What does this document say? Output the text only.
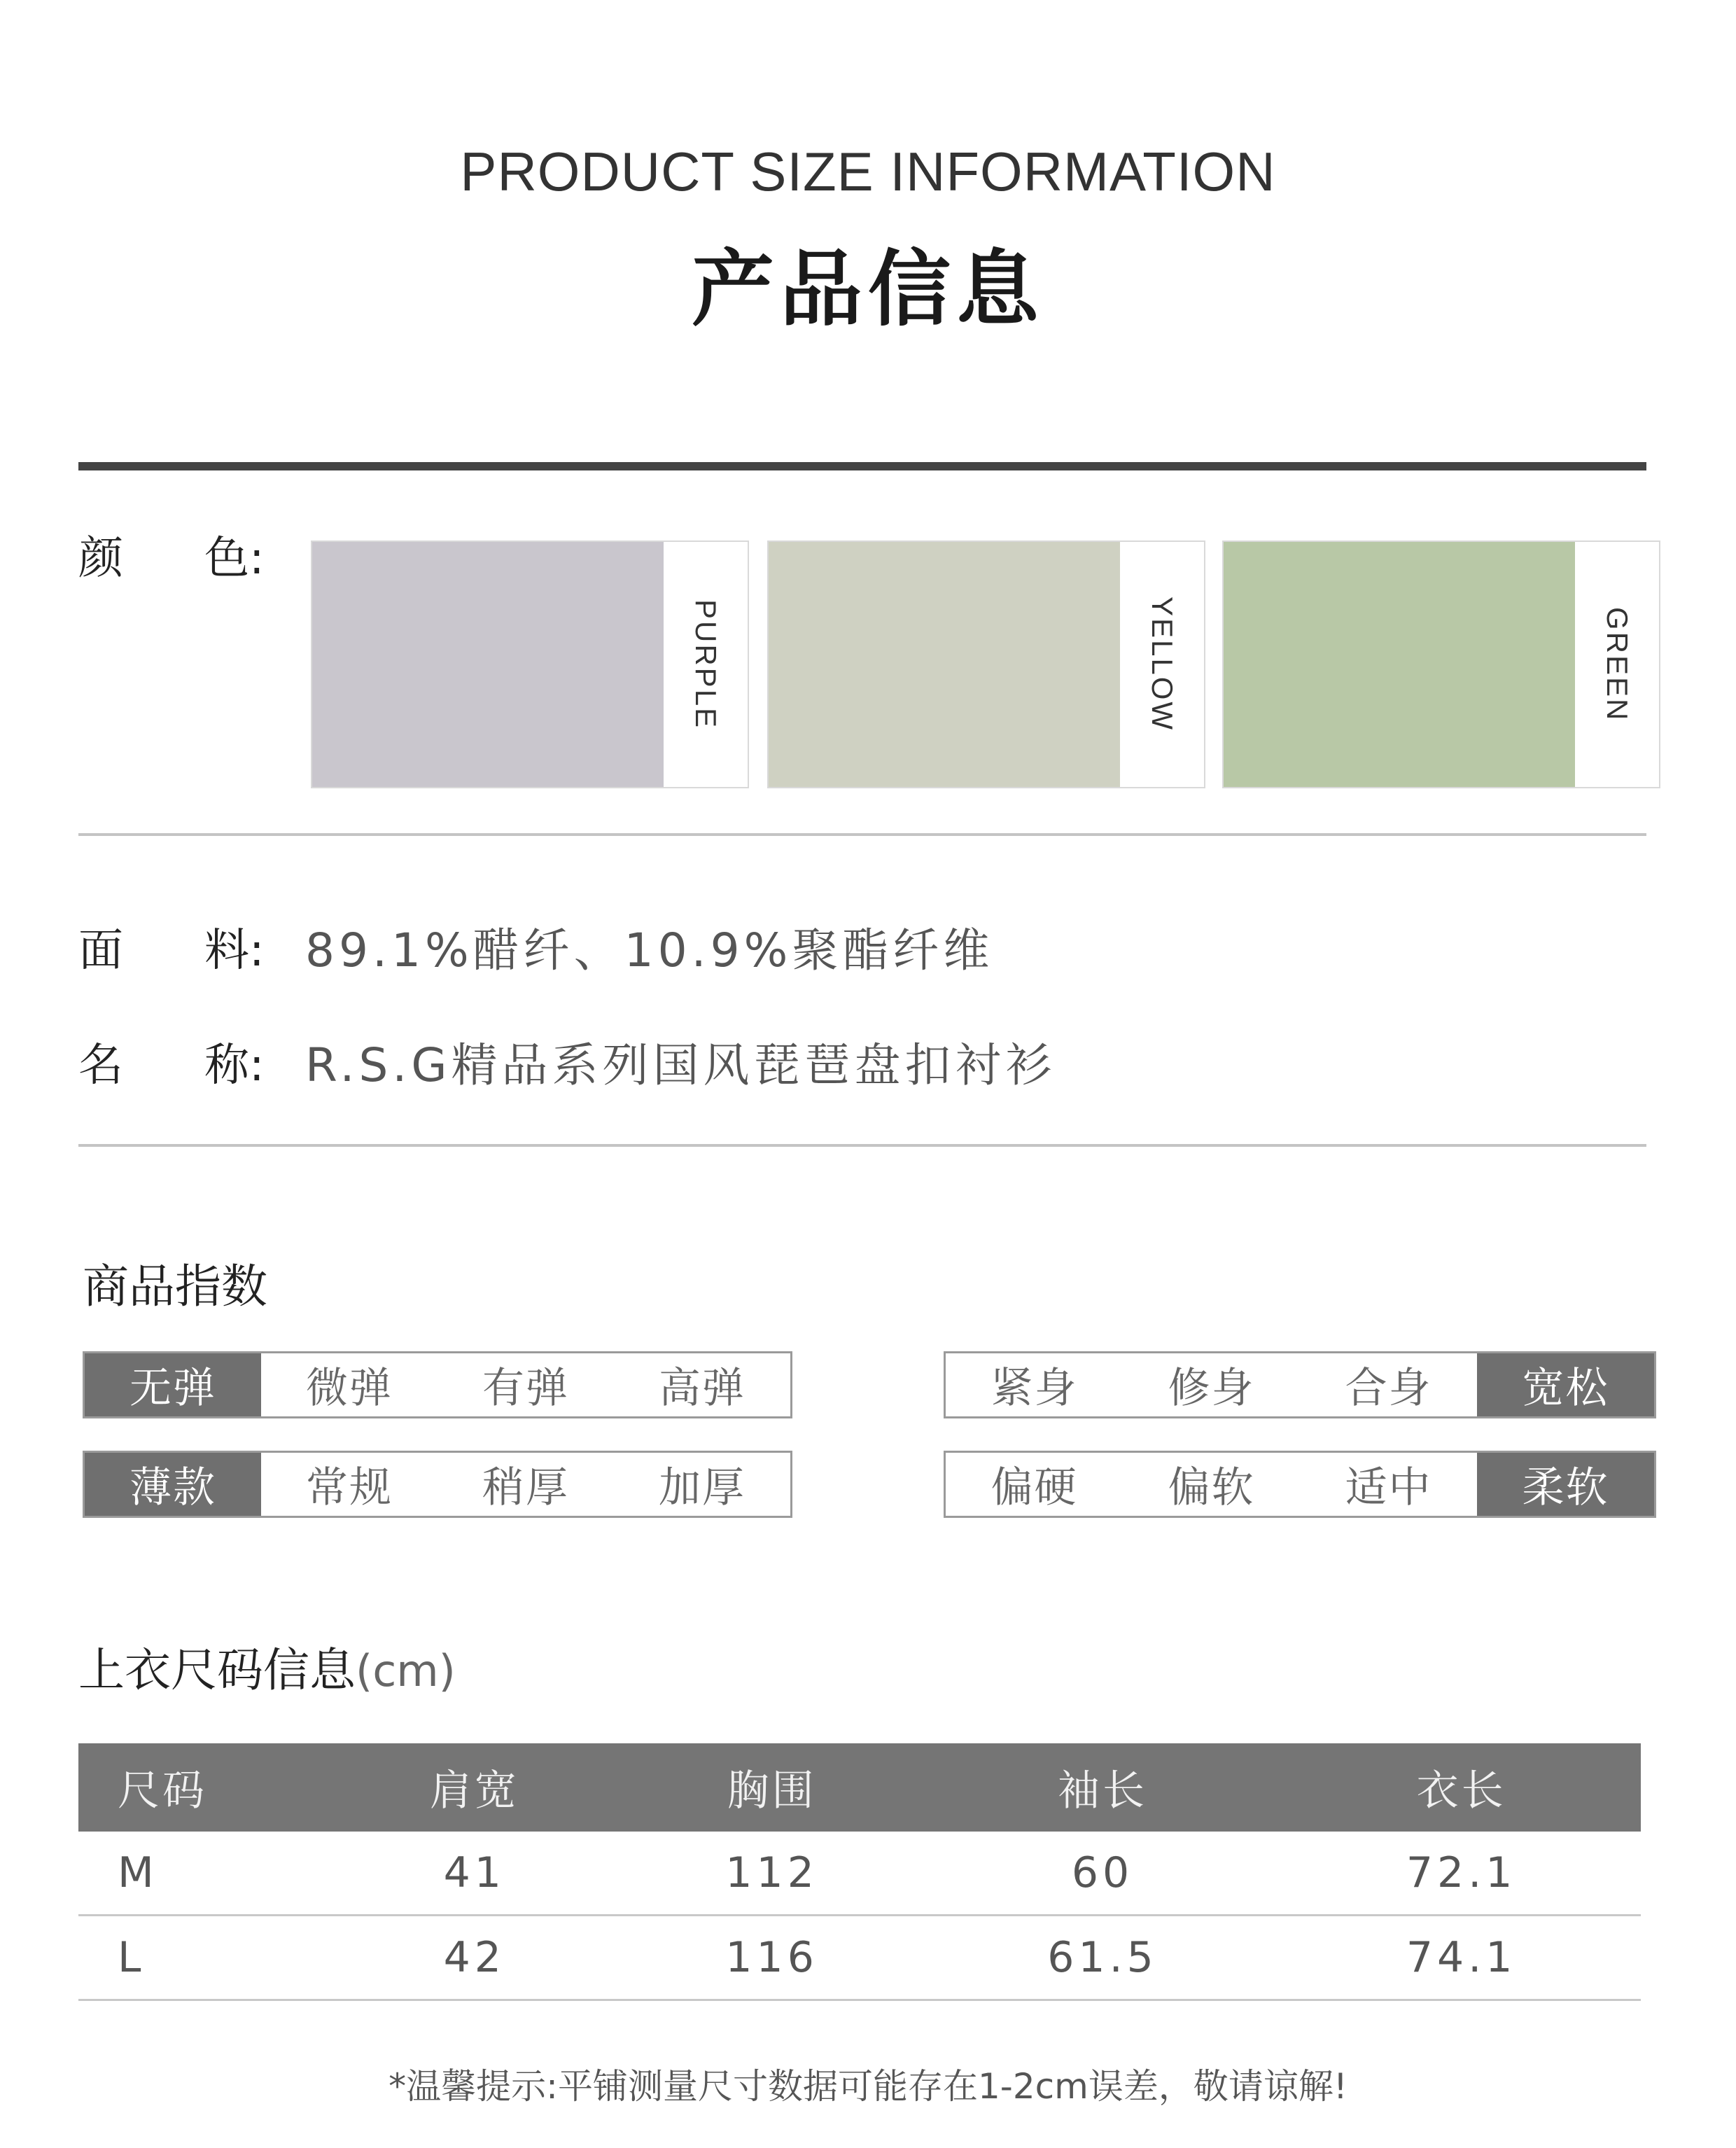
PRODUCT SIZE INFORMATION
产品信息
颜 色:
PURPLE	YELLOW	GREEN
面 料: 89.1%醋纤、10.9%聚酯纤维
名 称: R.S.G精品系列国风琵琶盘扣衬衫
商品指数
无弹	微弹	有弹	高弹	紧身	修身	合身	宽松
薄款	常规	稍厚	加厚	偏硬	偏软	适中	柔软
上衣尺码信息(cm)
尺码	肩宽	胸围	袖长	衣长
M	41	112	60	72.1
L	42	116	61.5	74.1
*温馨提示:平铺测量尺寸数据可能存在1-2cm误差，敬请谅解!
